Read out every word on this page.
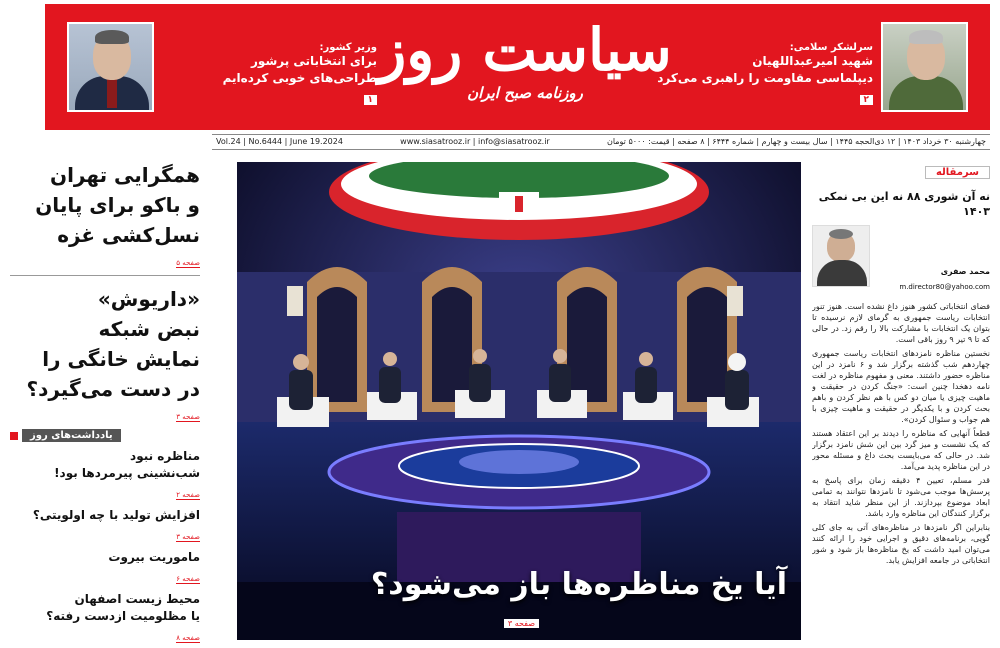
وزیر کشور:
برای انتخاباتی پرشور
طراحی‌های خوبی کرده‌ایم
۱
سیاست روز
روزنامه صبح ایران
سرلشکر سلامی:
شهید امیرعبداللهیان
دیپلماسی مقاومت را راهبری می‌کرد
۲
Vol.24 | No.6444 | June 19.2024	www.siasatrooz.ir | info@siasatrooz.ir	چهارشنبه ۳۰ خرداد ۱۴۰۳ | ۱۲ ذی‌الحجه ۱۴۴۵ | سال بیست و چهارم | شماره ۶۴۴۴ | ۸ صفحه | قیمت: ۵۰۰۰ تومان
همگرایی تهران
و باکو برای پایان
نسل‌کشی غزه
صفحه ۵
«داریوش»
نبض شبکه
نمایش خانگی را
در دست می‌گیرد؟
صفحه ۳
یادداشت‌های روز
مناظره نبود
شب‌نشینی پیرمردها بود!
صفحه ۲
افزایش تولید با چه اولویتی؟
صفحه ۳
ماموریت بیروت
صفحه ۶
محیط زیست اصفهان
یا مظلومیت ازدست رفته؟
صفحه ۸
آیا یخ مناظره‌ها باز می‌شود؟
صفحه ۳
سرمقاله
نه آن شوری ۸۸ نه این بی نمکی ۱۴۰۳
محمد صفری
m.director80@yahoo.com

فضای انتخاباتی کشور هنوز داغ نشده است. هنوز تنور انتخابات ریاست جمهوری به گرمای لازم نرسیده تا بتوان یک انتخابات با مشارکت بالا را رقم زد. در حالی که تا ۹ تیر ۹ روز باقی است.

نخستین مناظره نامزدهای انتخابات ریاست جمهوری چهاردهم شب گذشته برگزار شد و ۶ نامزد در این مناظره حضور داشتند. معنی و مفهوم مناظره در لغت نامه دهخدا چنین است: «جنگ کردن در حقیقت و ماهیت چیزی یا میان دو کس با هم نظر کردن و باهم بحث کردن و با یکدیگر در حقیقت و ماهیت چیزی با هم جواب و سئوال کردن».

قطعاً آنهایی که مناظره را دیدند بر این اعتقاد هستند که یک نشست و میز گرد بین این شش نامزد برگزار شد. در حالی که می‌بایست بحث داغ و مسئله محور در این مناظره پدید می‌آمد.

قدر مسلم، تعیین ۴ دقیقه زمان برای پاسخ به پرسش‌ها موجب می‌شود تا نامزدها نتوانند به تمامی ابعاد موضوع بپردازند. از این منظر شاید انتقاد به برگزار کنندگان این مناظره وارد باشد.

بنابراین اگر نامزدها در مناظره‌های آتی به جای کلی گویی، برنامه‌های دقیق و اجرایی خود را ارائه کنند می‌توان امید داشت که یخ مناظره‌ها باز شود و شور انتخاباتی در جامعه افزایش یابد.
